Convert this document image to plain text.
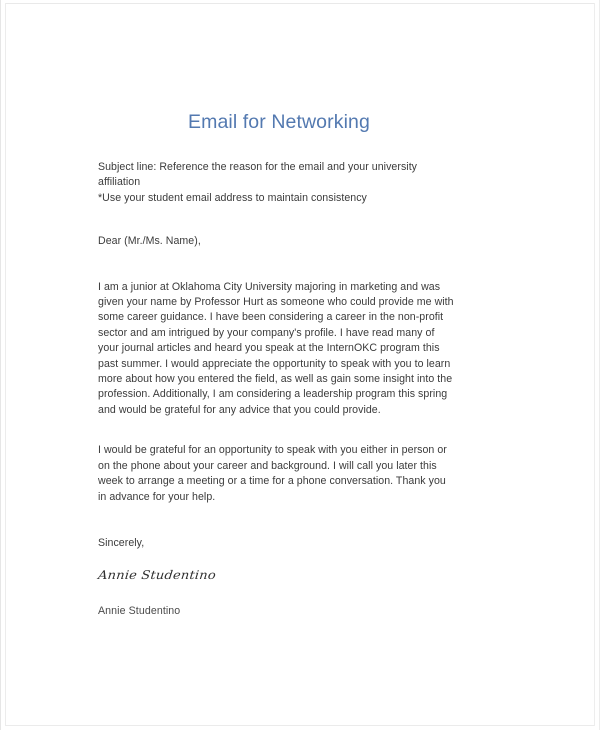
Email for Networking

Subject line: Reference the reason for the email and your university affiliation

*Use your student email address to maintain consistency

Dear (Mr./Ms. Name),

I am a junior at Oklahoma City University majoring in marketing and was given your name by Professor Hurt as someone who could provide me with some career guidance. I have been considering a career in the non-profit sector and am intrigued by your company's profile. I have read many of your journal articles and heard you speak at the InternOKC program this past summer. I would appreciate the opportunity to speak with you to learn more about how you entered the field, as well as gain some insight into the profession. Additionally, I am considering a leadership program this spring and would be grateful for any advice that you could provide.

I would be grateful for an opportunity to speak with you either in person or on the phone about your career and background. I will call you later this week to arrange a meeting or a time for a phone conversation. Thank you in advance for your help.

Sincerely,

Annie Studentino
Annie Studentino
